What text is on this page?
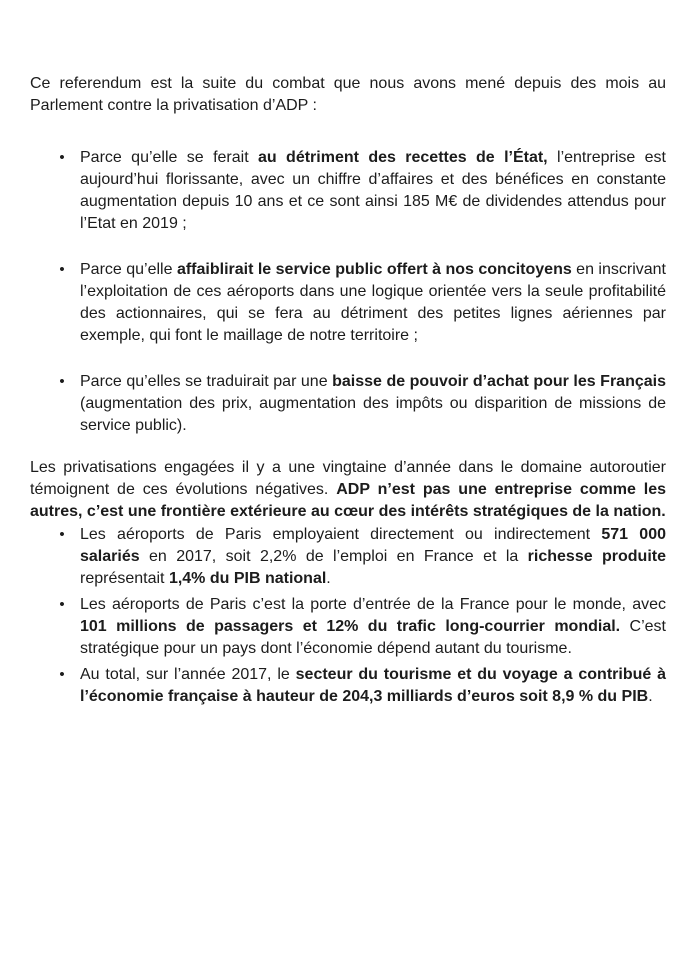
Ce referendum est la suite du combat que nous avons mené depuis des mois au Parlement contre la privatisation d’ADP :

• Parce qu’elle se ferait au détriment des recettes de l’État, l’entreprise est aujourd’hui florissante, avec un chiffre d’affaires et des bénéfices en constante augmentation depuis 10 ans et ce sont ainsi 185 M€ de dividendes attendus pour l’Etat en 2019 ;
• Parce qu’elle affaiblirait le service public offert à nos concitoyens en inscrivant l’exploitation de ces aéroports dans une logique orientée vers la seule profitabilité des actionnaires, qui se fera au détriment des petites lignes aériennes par exemple, qui font le maillage de notre territoire ;
• Parce qu’elles se traduirait par une baisse de pouvoir d’achat pour les Français (augmentation des prix, augmentation des impôts ou disparition de missions de service public).

Les privatisations engagées il y a une vingtaine d’année dans le domaine autoroutier témoignent de ces évolutions négatives. ADP n’est pas une entreprise comme les autres, c’est une frontière extérieure au cœur des intérêts stratégiques de la nation.

• Les aéroports de Paris employaient directement ou indirectement 571 000 salariés en 2017, soit 2,2% de l’emploi en France et la richesse produite représentait 1,4% du PIB national.
• Les aéroports de Paris c’est la porte d’entrée de la France pour le monde, avec 101 millions de passagers et 12% du trafic long-courrier mondial. C’est stratégique pour un pays dont l’économie dépend autant du tourisme.
• Au total, sur l’année 2017, le secteur du tourisme et du voyage a contribué à l’économie française à hauteur de 204,3 milliards d’euros soit 8,9 % du PIB.
